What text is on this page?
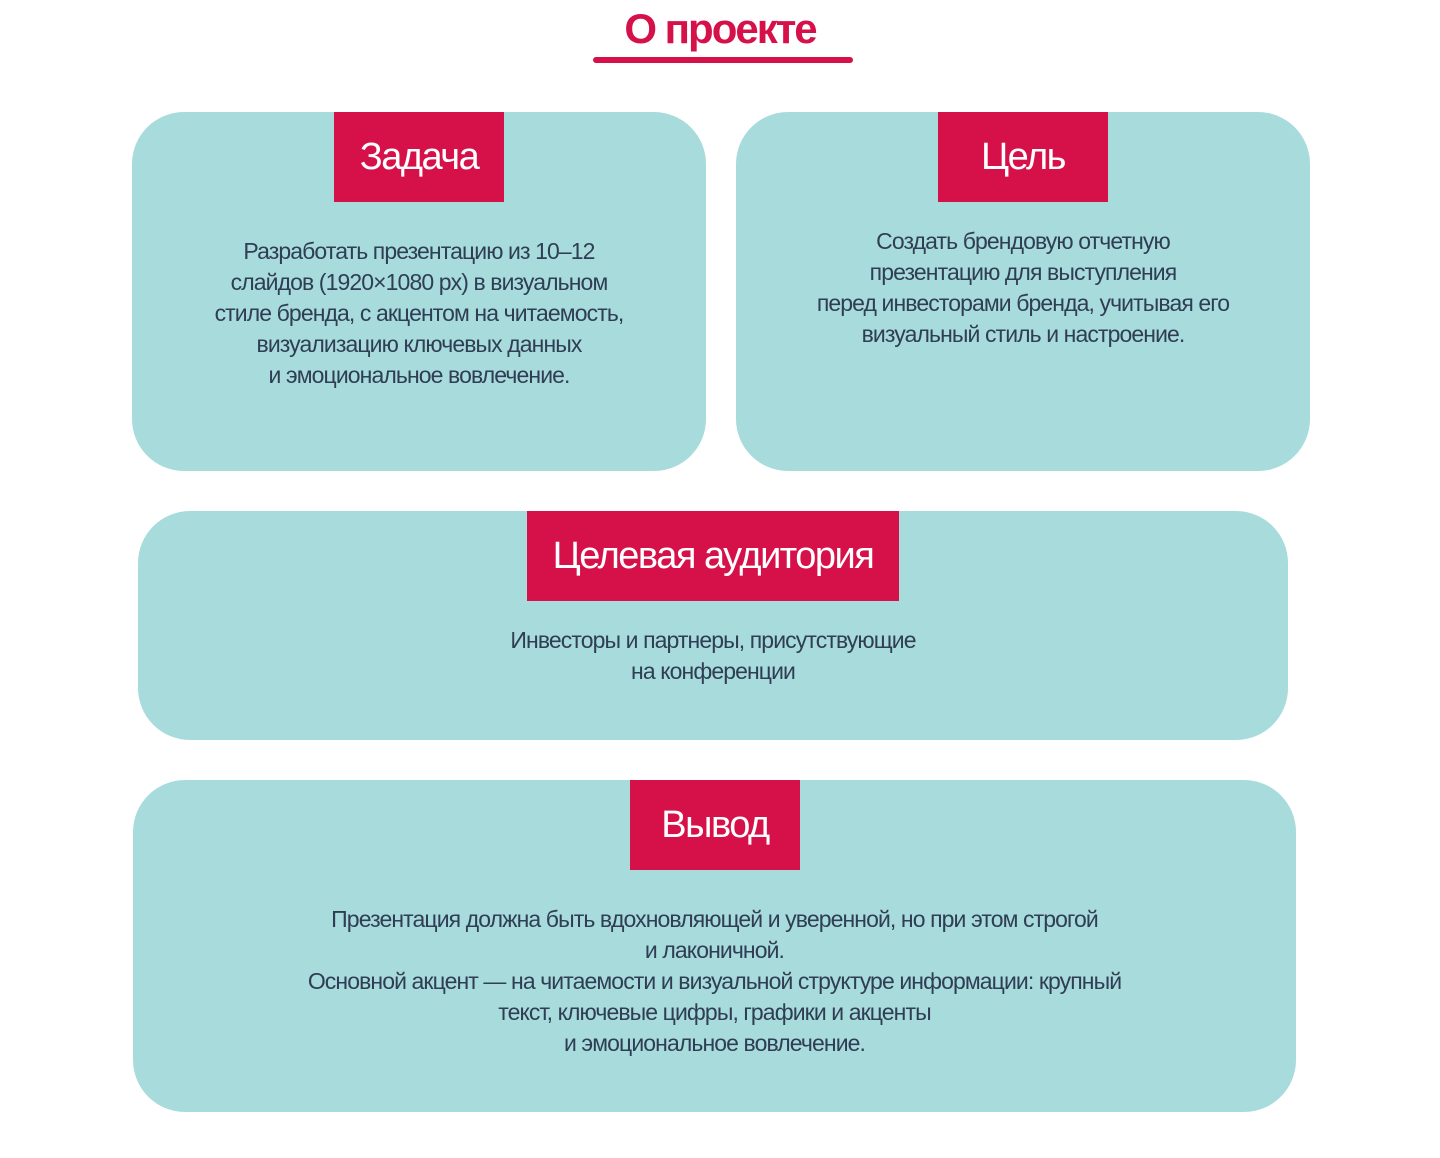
О проекте
Задача

Разработать презентацию из 10–12
слайдов (1920×1080 px) в визуальном
стиле бренда, с акцентом на читаемость,
визуализацию ключевых данных
и эмоциональное вовлечение.

Цель

Создать брендовую отчетную
презентацию для выступления
перед инвесторами бренда, учитывая его
визуальный стиль и настроение.

Целевая аудитория

Инвесторы и партнеры, присутствующие
на конференции

Вывод

Презентация должна быть вдохновляющей и уверенной, но при этом строгой
и лаконичной.
Основной акцент — на читаемости и визуальной структуре информации: крупный
текст, ключевые цифры, графики и акценты
и эмоциональное вовлечение.
